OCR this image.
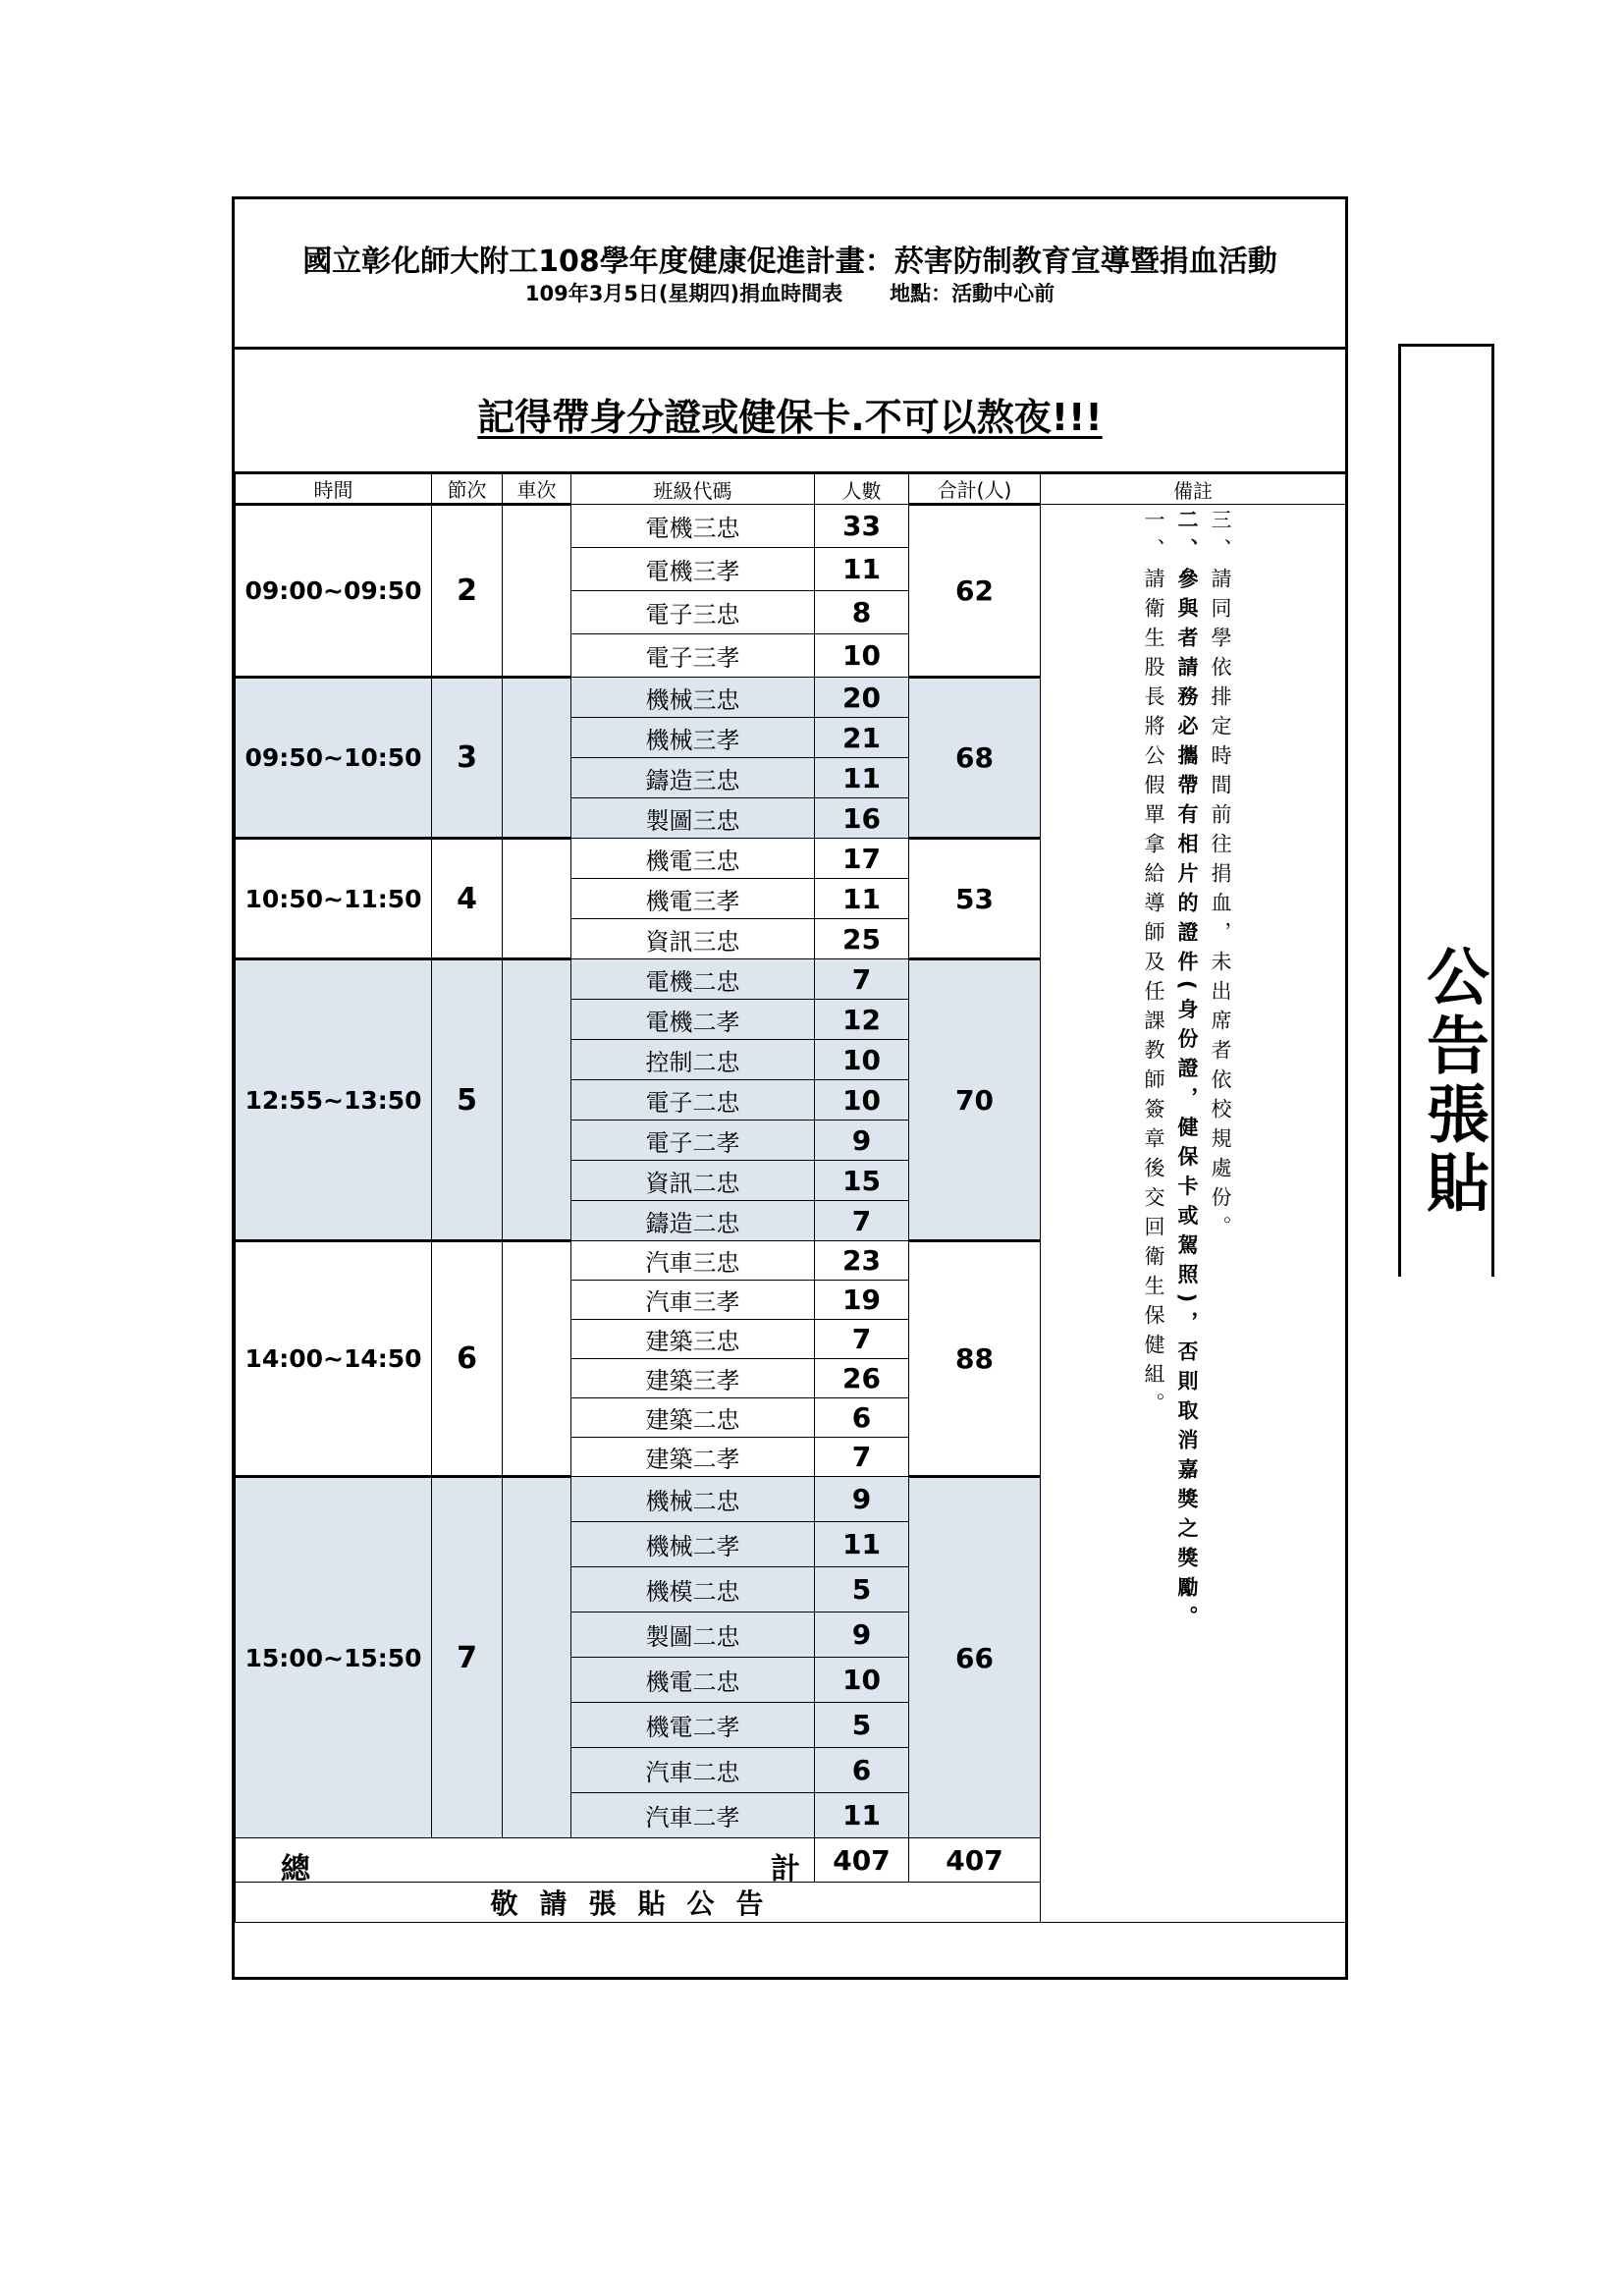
國立彰化師大附工108學年度健康促進計畫：菸害防制教育宣導暨捐血活動
109年3月5日(星期四)捐血時間表 地點：活動中心前
記得帶身分證或健保卡.不可以熬夜!!!
時間	節次	車次	班級代碼	人數	合計(人)	備註
09:00~09:50	2		電機三忠	33	62	三、請同學依排定時間前往捐血，未出席者依校規處份。
二、參與者請務必攜帶有相片的證件(身份證，健保卡或駕照)，否則取消嘉獎之獎勵。
一、請衛生股長將公假單拿給導師及任課教師簽章後交回衛生保健組。

			電機三孝	11		
			電子三忠	8		
			電子三孝	10		
09:50~10:50	3		機械三忠	20	68	
			機械三孝	21		
			鑄造三忠	11		
			製圖三忠	16		
10:50~11:50	4		機電三忠	17	53	
			機電三孝	11		
			資訊三忠	25		
12:55~13:50	5		電機二忠	7	70	
			電機二孝	12		
			控制二忠	10		
			電子二忠	10		
			電子二孝	9		
			資訊二忠	15		
			鑄造二忠	7		
14:00~14:50	6		汽車三忠	23	88	
			汽車三孝	19		
			建築三忠	7		
			建築三孝	26		
			建築二忠	6		
			建築二孝	7		
15:00~15:50	7		機械二忠	9	66	
			機械二孝	11		
			機模二忠	5		
			製圖二忠	9		
			機電二忠	10		
			機電二孝	5		
			汽車二忠	6		
			汽車二孝	11		

總 計				407	407	
敬請張貼公告						
公告張貼
